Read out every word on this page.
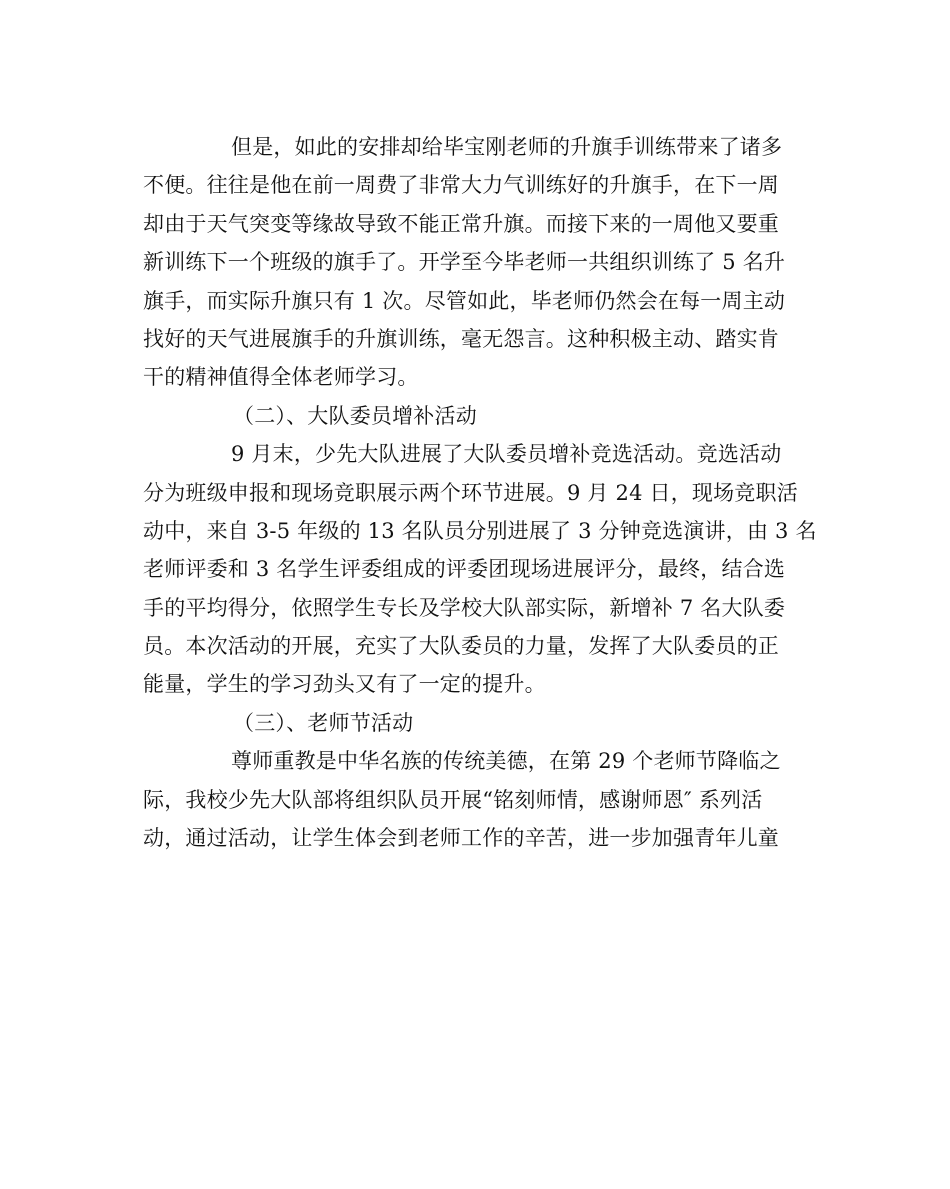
但是，如此的安排却给毕宝刚老师的升旗手训练带来了诸多
不便。往往是他在前一周费了非常大力气训练好的升旗手，在下一周
却由于天气突变等缘故导致不能正常升旗。而接下来的一周他又要重
新训练下一个班级的旗手了。开学至今毕老师一共组织训练了 5 名升
旗手，而实际升旗只有 1 次。尽管如此，毕老师仍然会在每一周主动
找好的天气进展旗手的升旗训练，毫无怨言。这种积极主动、踏实肯
干的精神值得全体老师学习。
（二）、大队委员增补活动
9 月末，少先大队进展了大队委员增补竞选活动。竞选活动
分为班级申报和现场竞职展示两个环节进展。9 月 24 日，现场竞职活
动中，来自 3-5 年级的 13 名队员分别进展了 3 分钟竞选演讲，由 3 名
老师评委和 3 名学生评委组成的评委团现场进展评分，最终，结合选
手的平均得分，依照学生专长及学校大队部实际，新增补 7 名大队委
员。本次活动的开展，充实了大队委员的力量，发挥了大队委员的正
能量，学生的学习劲头又有了一定的提升。
（三）、老师节活动
尊师重教是中华名族的传统美德，在第 29 个老师节降临之
际，我校少先大队部将组织队员开展“铭刻师情，感谢师恩″ 系列活
动，通过活动，让学生体会到老师工作的辛苦，进一步加强青年儿童
